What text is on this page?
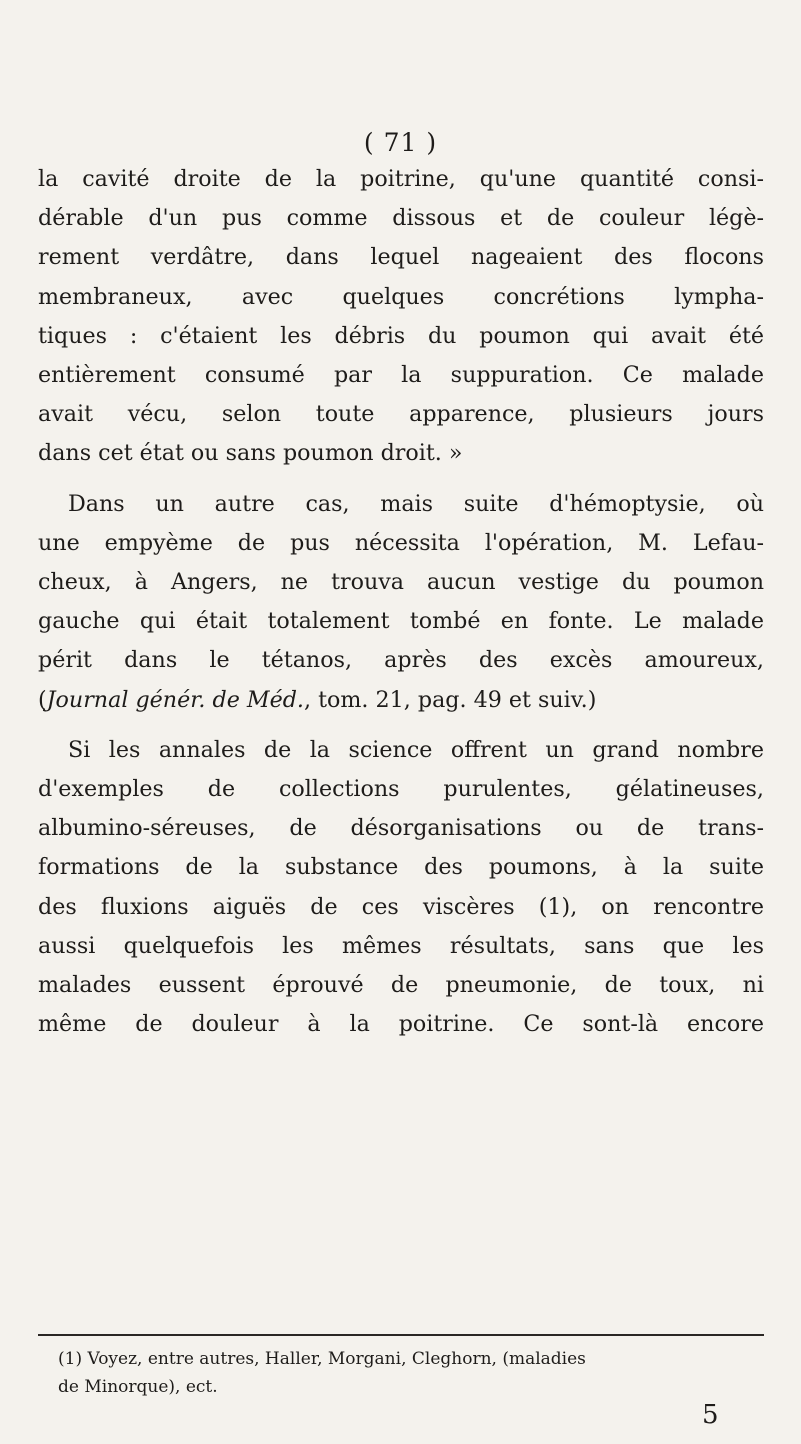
( 71 )
la cavité droite de la poitrine, qu'une quantité consi-
dérable d'un pus comme dissous et de couleur légè-
rement verdâtre, dans lequel nageaient des flocons
membraneux, avec quelques concrétions lympha-
tiques : c'étaient les débris du poumon qui avait été
entièrement consumé par la suppuration. Ce malade
avait vécu, selon toute apparence, plusieurs jours
dans cet état ou sans poumon droit. »
Dans un autre cas, mais suite d'hémoptysie, où
une empyème de pus nécessita l'opération, M. Lefau-
cheux, à Angers, ne trouva aucun vestige du poumon
gauche qui était totalement tombé en fonte. Le malade
périt dans le tétanos, après des excès amoureux,
(Journal génér. de Méd., tom. 21, pag. 49 et suiv.)
Si les annales de la science offrent un grand nombre
d'exemples de collections purulentes, gélatineuses,
albumino-séreuses, de désorganisations ou de trans-
formations de la substance des poumons, à la suite
des fluxions aiguës de ces viscères (1), on rencontre
aussi quelquefois les mêmes résultats, sans que les
malades eussent éprouvé de pneumonie, de toux, ni
même de douleur à la poitrine. Ce sont-là encore
(1) Voyez, entre autres, Haller, Morgani, Cleghorn, (maladies
de Minorque), ect.
5
